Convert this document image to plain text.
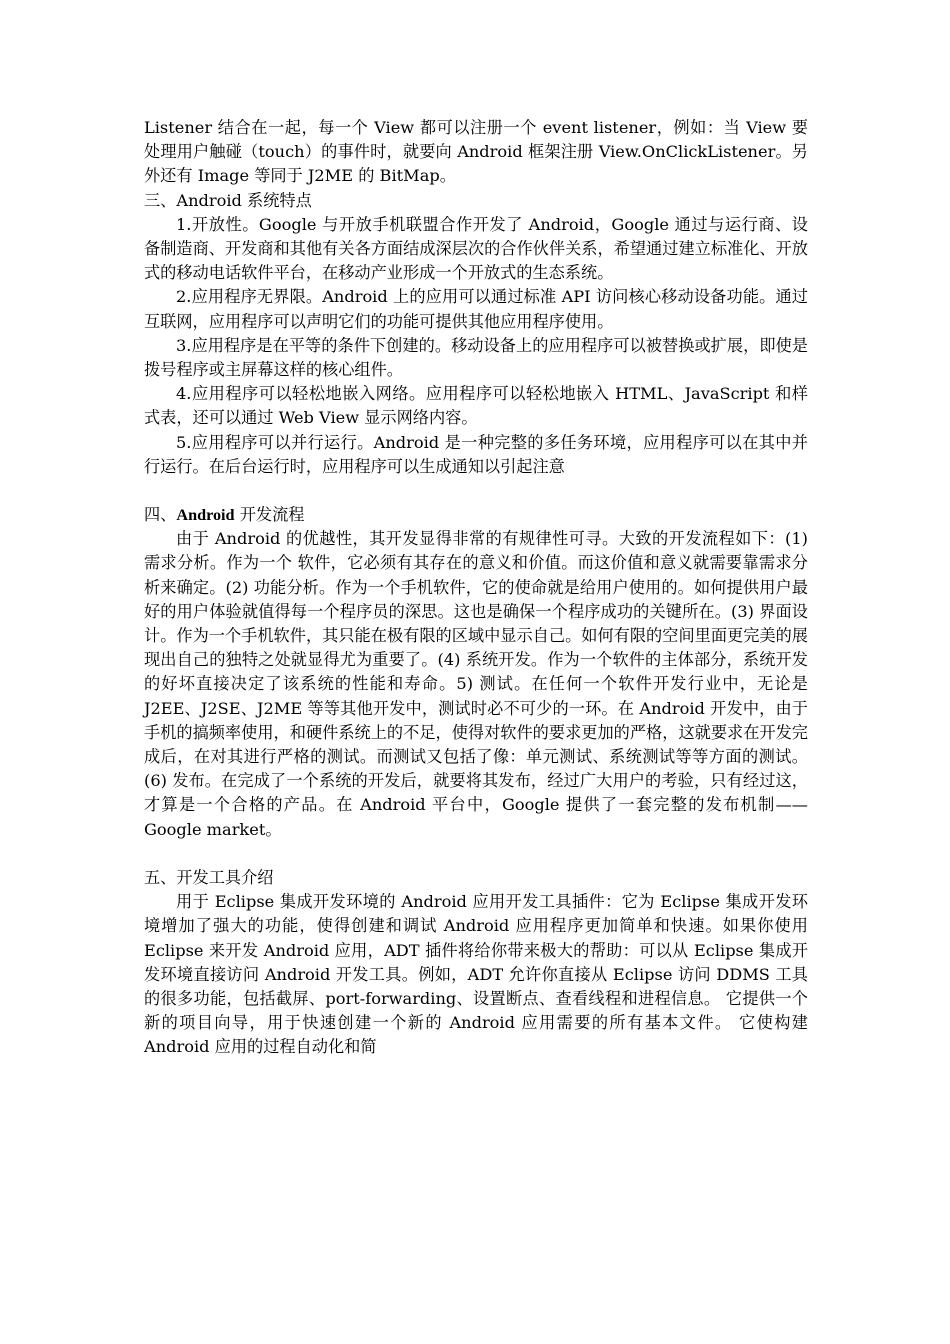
Listener 结合在一起，每一个 View 都可以注册一个 event listener，例如：当 View 要处理用户触碰（touch）的事件时，就要向 Android 框架注册 View.OnClickListener。另外还有 Image 等同于 J2ME 的 BitMap。

三、Android 系统特点

1.开放性。Google 与开放手机联盟合作开发了 Android，Google 通过与运行商、设备制造商、开发商和其他有关各方面结成深层次的合作伙伴关系，希望通过建立标准化、开放式的移动电话软件平台，在移动产业形成一个开放式的生态系统。

2.应用程序无界限。Android 上的应用可以通过标准 API 访问核心移动设备功能。通过互联网，应用程序可以声明它们的功能可提供其他应用程序使用。

3.应用程序是在平等的条件下创建的。移动设备上的应用程序可以被替换或扩展，即使是拨号程序或主屏幕这样的核心组件。

4.应用程序可以轻松地嵌入网络。应用程序可以轻松地嵌入 HTML、JavaScript 和样式表，还可以通过 Web View 显示网络内容。

5.应用程序可以并行运行。Android 是一种完整的多任务环境，应用程序可以在其中并行运行。在后台运行时，应用程序可以生成通知以引起注意

四、Android 开发流程

由于 Android 的优越性，其开发显得非常的有规律性可寻。大致的开发流程如下：(1) 需求分析。作为一个 软件，它必须有其存在的意义和价值。而这价值和意义就需要靠需求分析来确定。(2) 功能分析。作为一个手机软件，它的使命就是给用户使用的。如何提供用户最好的用户体验就值得每一个程序员的深思。这也是确保一个程序成功的关键所在。(3) 界面设计。作为一个手机软件，其只能在极有限的区域中显示自己。如何有限的空间里面更完美的展现出自己的独特之处就显得尤为重要了。(4) 系统开发。作为一个软件的主体部分，系统开发的好坏直接决定了该系统的性能和寿命。5) 测试。在任何一个软件开发行业中，无论是 J2EE、J2SE、J2ME 等等其他开发中，测试时必不可少的一环。在 Android 开发中，由于手机的搞频率使用，和硬件系统上的不足，使得对软件的要求更加的严格，这就要求在开发完成后，在对其进行严格的测试。而测试又包括了像：单元测试、系统测试等等方面的测试。(6) 发布。在完成了一个系统的开发后，就要将其发布，经过广大用户的考验，只有经过这，才算是一个合格的产品。在 Android 平台中，Google 提供了一套完整的发布机制——Google market。

五、开发工具介绍

用于 Eclipse 集成开发环境的 Android 应用开发工具插件：它为 Eclipse 集成开发环境增加了强大的功能，使得创建和调试 Android 应用程序更加简单和快速。如果你使用 Eclipse 来开发 Android 应用，ADT 插件将给你带来极大的帮助：可以从 Eclipse 集成开发环境直接访问 Android 开发工具。例如，ADT 允许你直接从 Eclipse 访问 DDMS 工具的很多功能，包括截屏、port-forwarding、设置断点、查看线程和进程信息。 它提供一个新的项目向导，用于快速创建一个新的 Android 应用需要的所有基本文件。 它使构建 Android 应用的过程自动化和简
